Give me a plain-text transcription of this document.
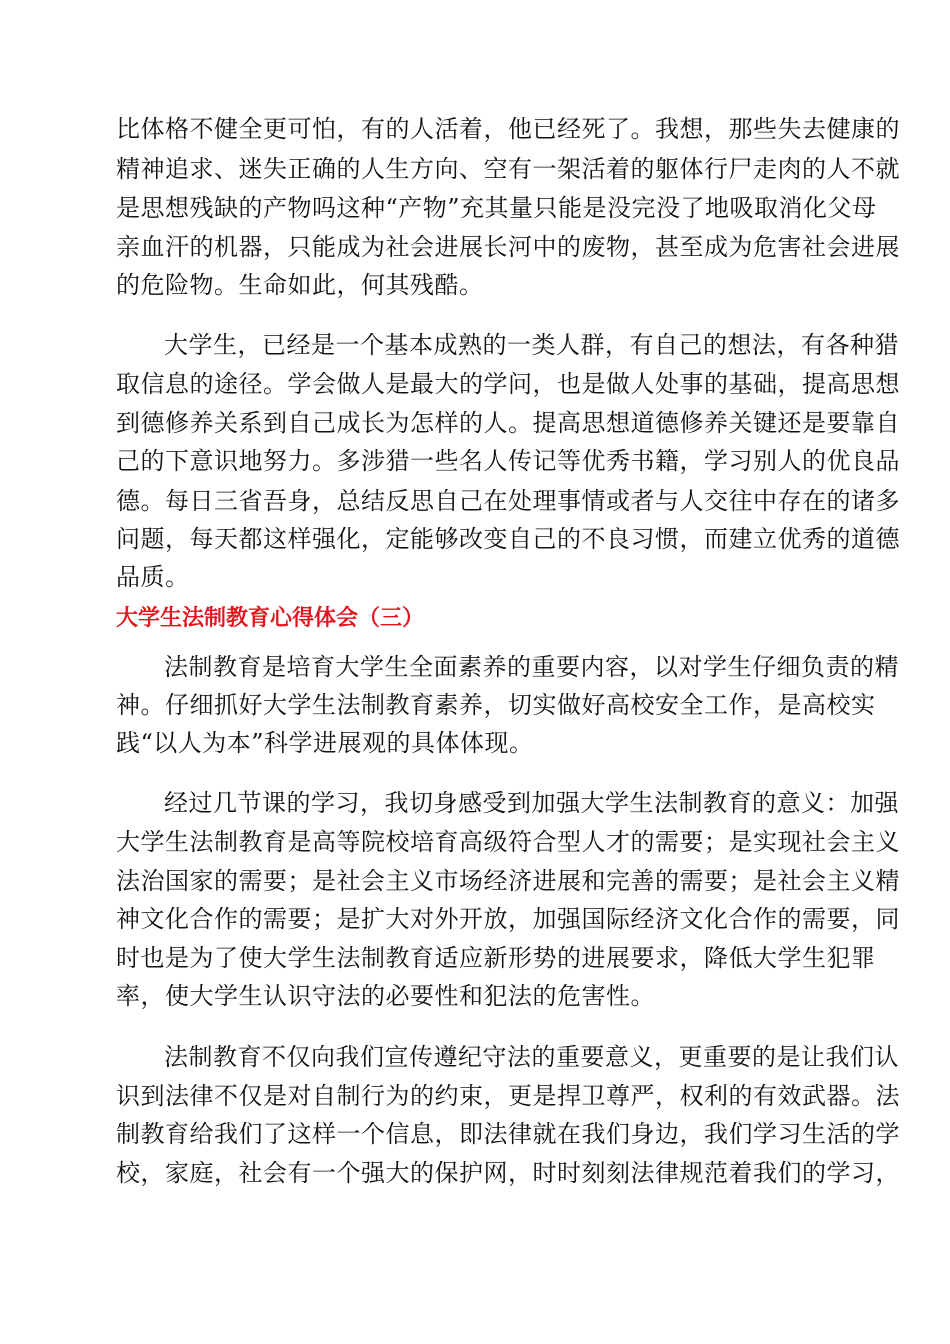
比体格不健全更可怕，有的人活着，他已经死了。我想，那些失去健康的
精神追求、迷失正确的人生方向、空有一架活着的躯体行尸走肉的人不就
是思想残缺的产物吗这种“产物”充其量只能是没完没了地吸取消化父母
亲血汗的机器，只能成为社会进展长河中的废物，甚至成为危害社会进展
的危险物。生命如此，何其残酷。
大学生，已经是一个基本成熟的一类人群，有自己的想法，有各种猎
取信息的途径。学会做人是最大的学问，也是做人处事的基础，提高思想
到德修养关系到自己成长为怎样的人。提高思想道德修养关键还是要靠自
己的下意识地努力。多涉猎一些名人传记等优秀书籍，学习别人的优良品
德。每日三省吾身，总结反思自己在处理事情或者与人交往中存在的诸多
问题，每天都这样强化，定能够改变自己的不良习惯，而建立优秀的道德
品质。
大学生法制教育心得体会（三）
法制教育是培育大学生全面素养的重要内容，以对学生仔细负责的精
神。仔细抓好大学生法制教育素养，切实做好高校安全工作，是高校实
践“以人为本”科学进展观的具体体现。
经过几节课的学习，我切身感受到加强大学生法制教育的意义：加强
大学生法制教育是高等院校培育高级符合型人才的需要；是实现社会主义
法治国家的需要；是社会主义市场经济进展和完善的需要；是社会主义精
神文化合作的需要；是扩大对外开放，加强国际经济文化合作的需要，同
时也是为了使大学生法制教育适应新形势的进展要求，降低大学生犯罪
率，使大学生认识守法的必要性和犯法的危害性。
法制教育不仅向我们宣传遵纪守法的重要意义，更重要的是让我们认
识到法律不仅是对自制行为的约束，更是捍卫尊严，权利的有效武器。法
制教育给我们了这样一个信息，即法律就在我们身边，我们学习生活的学
校，家庭，社会有一个强大的保护网，时时刻刻法律规范着我们的学习，
